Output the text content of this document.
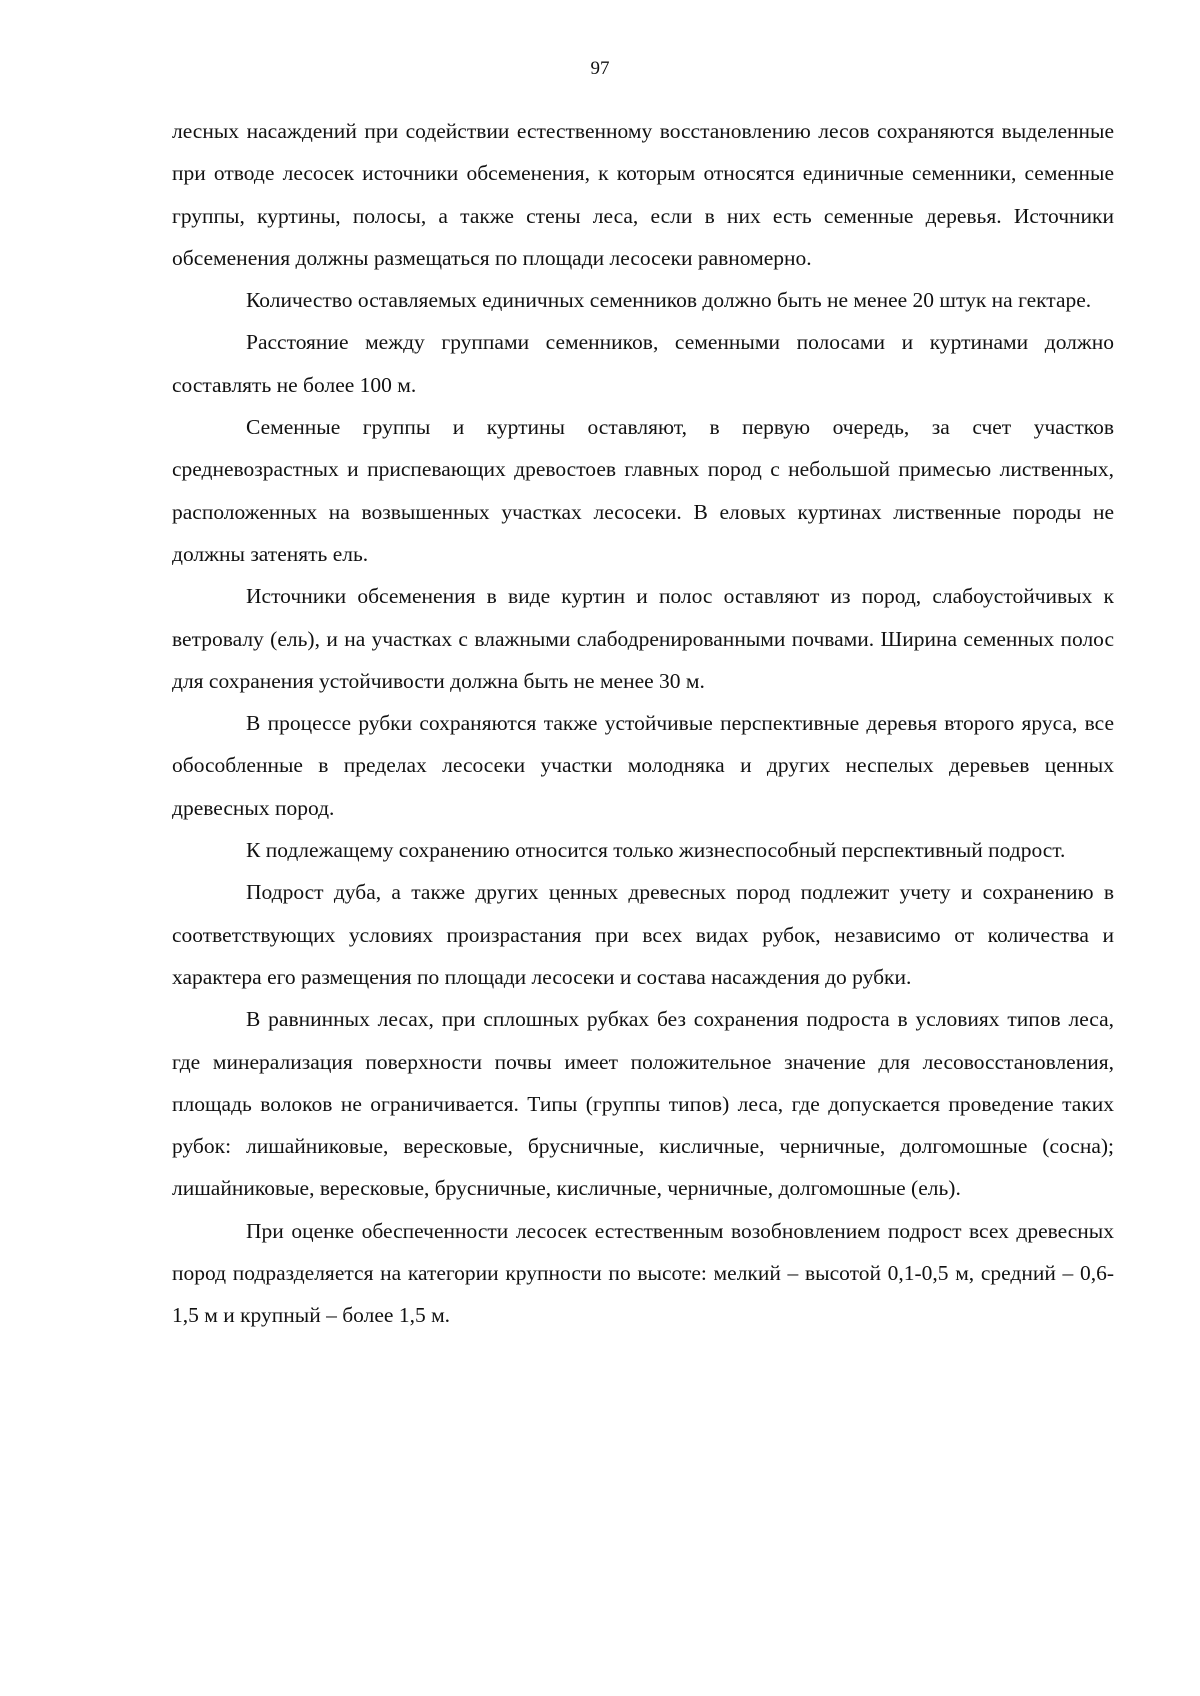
97

лесных насаждений при содействии естественному восстановлению лесов сохраняются выделенные при отводе лесосек источники обсеменения, к которым относятся единичные семенники, семенные группы, куртины, полосы, а также стены леса, если в них есть семенные деревья. Источники обсеменения должны размещаться по площади лесосеки равномерно.

Количество оставляемых единичных семенников должно быть не менее 20 штук на гектаре.

Расстояние между группами семенников, семенными полосами и куртинами должно составлять не более 100 м.

Семенные группы и куртины оставляют, в первую очередь, за счет участков средневозрастных и приспевающих древостоев главных пород с небольшой примесью лиственных, расположенных на возвышенных участках лесосеки. В еловых куртинах лиственные породы не должны затенять ель.

Источники обсеменения в виде куртин и полос оставляют из пород, слабоустойчивых к ветровалу (ель), и на участках с влажными слабодренированными почвами. Ширина семенных полос для сохранения устойчивости должна быть не менее 30 м.

В процессе рубки сохраняются также устойчивые перспективные деревья второго яруса, все обособленные в пределах лесосеки участки молодняка и других неспелых деревьев ценных древесных пород.

К подлежащему сохранению относится только жизнеспособный перспективный подрост.

Подрост дуба, а также других ценных древесных пород подлежит учету и сохранению в соответствующих условиях произрастания при всех видах рубок, независимо от количества и характера его размещения по площади лесосеки и состава насаждения до рубки.

В равнинных лесах, при сплошных рубках без сохранения подроста в условиях типов леса, где минерализация поверхности почвы имеет положительное значение для лесовосстановления, площадь волоков не ограничивается. Типы (группы типов) леса, где допускается проведение таких рубок: лишайниковые, вересковые, брусничные, кисличные, черничные, долгомошные (сосна); лишайниковые, вересковые, брусничные, кисличные, черничные, долгомошные (ель).

При оценке обеспеченности лесосек естественным возобновлением подрост всех древесных пород подразделяется на категории крупности по высоте: мелкий – высотой 0,1-0,5 м, средний – 0,6-1,5 м и крупный – более 1,5 м.
